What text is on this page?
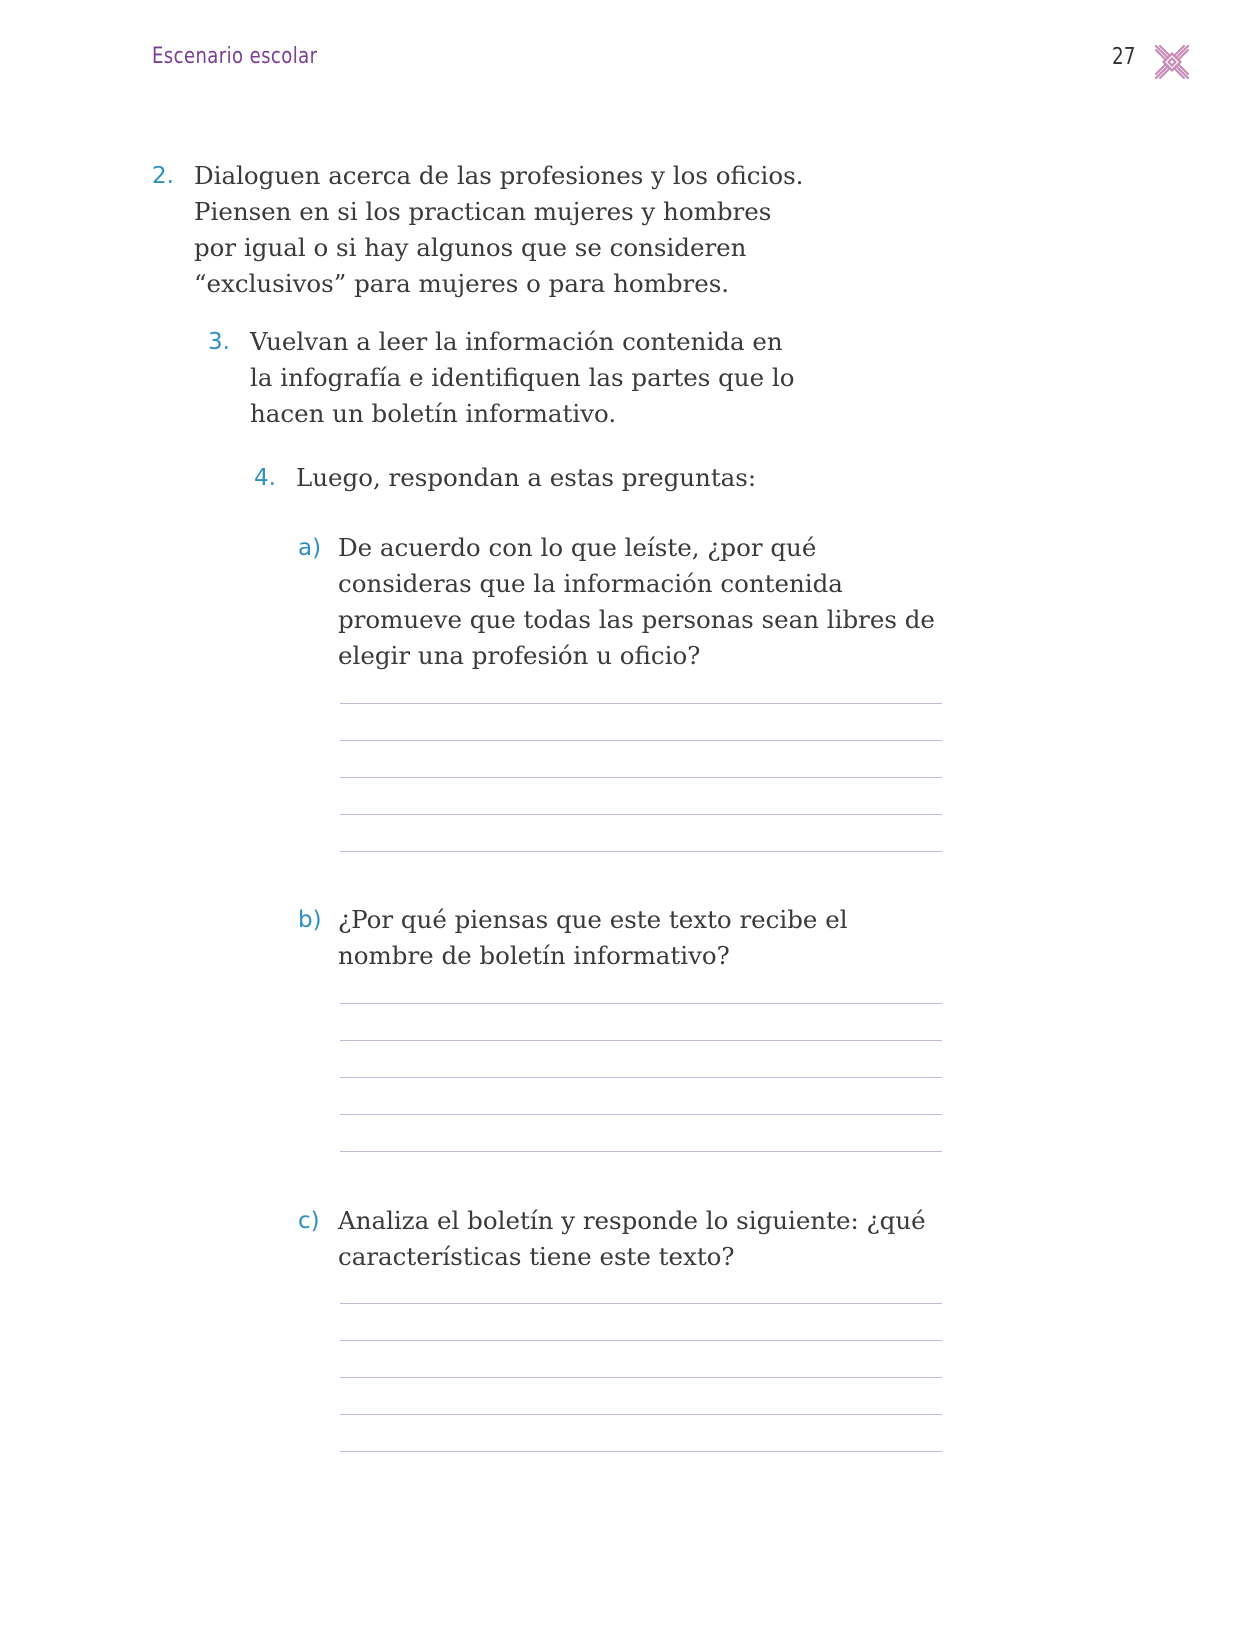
Escenario escolar	27
2. Dialoguen acerca de las profesiones y los oficios.
Piensen en si los practican mujeres y hombres
por igual o si hay algunos que se consideren
“exclusivos” para mujeres o para hombres.
3. Vuelvan a leer la información contenida en
la infografía e identifiquen las partes que lo
hacen un boletín informativo.
4. Luego, respondan a estas preguntas:
a) De acuerdo con lo que leíste, ¿por qué
consideras que la información contenida
promueve que todas las personas sean libres de
elegir una profesión u oficio?
b) ¿Por qué piensas que este texto recibe el
nombre de boletín informativo?
c) Analiza el boletín y responde lo siguiente: ¿qué
características tiene este texto?
